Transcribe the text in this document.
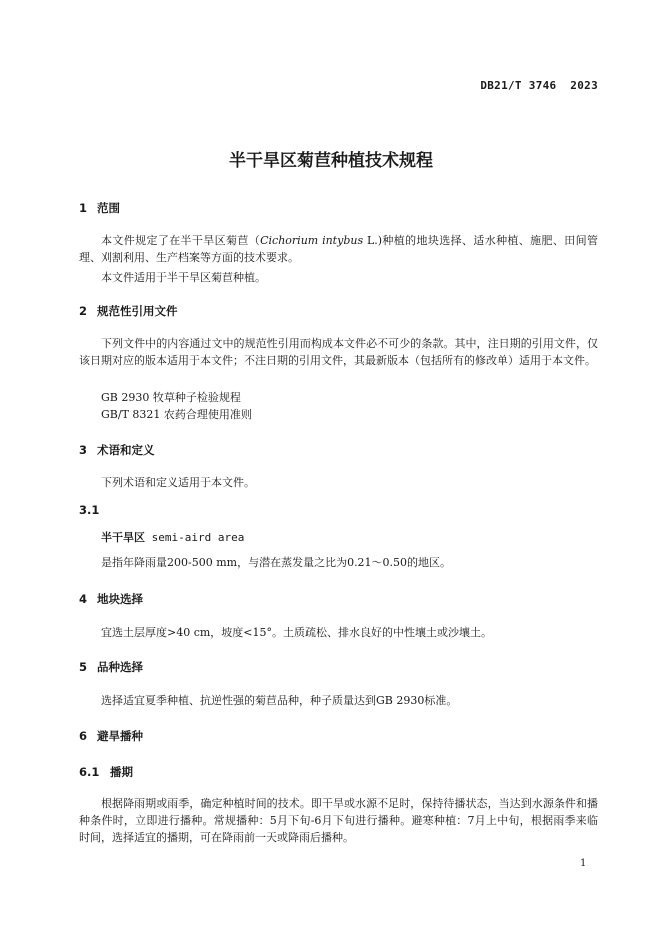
DB21/T 3746  2023
半干旱区菊苣种植技术规程
1 范围
本文件规定了在半干旱区菊苣（Cichorium intybus L.)种植的地块选择、适水种植、施肥、田间管理、刈割利用、生产档案等方面的技术要求。
本文件适用于半干旱区菊苣种植。
2 规范性引用文件
下列文件中的内容通过文中的规范性引用而构成本文件必不可少的条款。其中，注日期的引用文件，仅该日期对应的版本适用于本文件；不注日期的引用文件，其最新版本（包括所有的修改单）适用于本文件。
GB 2930 牧草种子检验规程
GB/T 8321 农药合理使用准则
3 术语和定义
下列术语和定义适用于本文件。
3.1
半干旱区 semi-aird area
是指年降雨量200-500 mm，与潜在蒸发量之比为0.21～0.50的地区。
4 地块选择
宜选土层厚度>40 cm，坡度<15°。土质疏松、排水良好的中性壤土或沙壤土。
5 品种选择
选择适宜夏季种植、抗逆性强的菊苣品种，种子质量达到GB 2930标准。
6 避旱播种
6.1 播期
根据降雨期或雨季，确定种植时间的技术。即干旱或水源不足时，保持待播状态，当达到水源条件和播种条件时，立即进行播种。常规播种：5月下旬-6月下旬进行播种。避寒种植：7月上中旬，根据雨季来临时间，选择适宜的播期，可在降雨前一天或降雨后播种。
1
